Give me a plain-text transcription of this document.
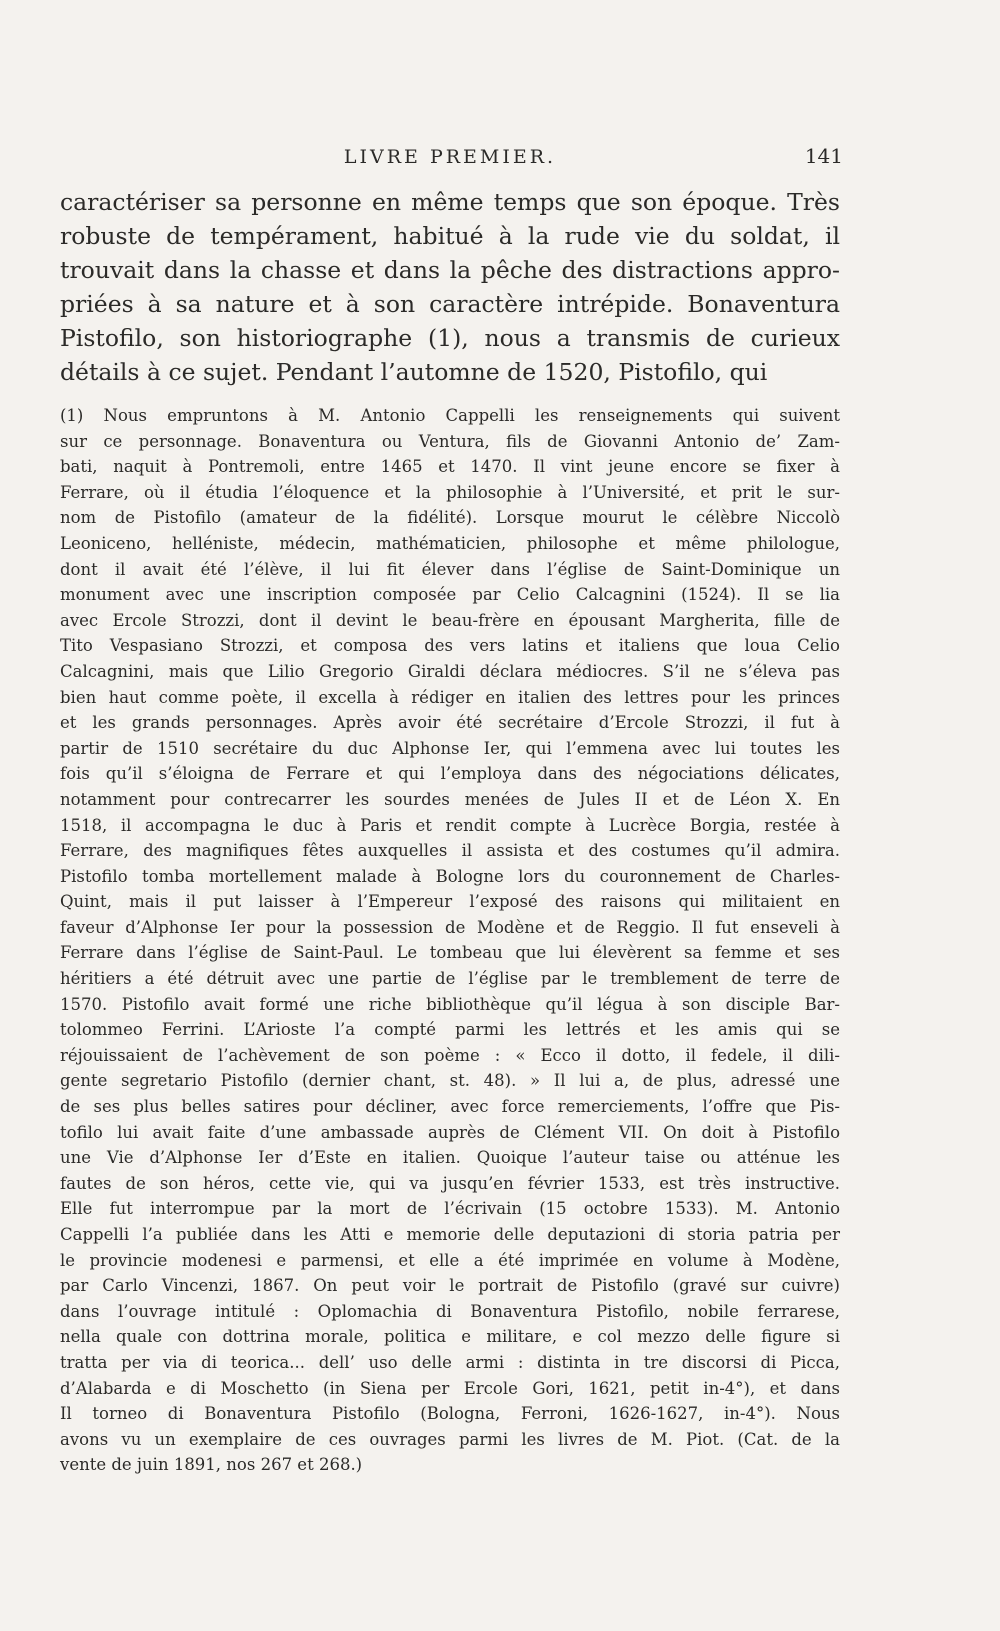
LIVRE PREMIER.	141
caractériser sa personne en même temps que son époque. Très
robuste de tempérament, habitué à la rude vie du soldat, il
trouvait dans la chasse et dans la pêche des distractions appro-
priées à sa nature et à son caractère intrépide. Bonaventura
Pistofilo, son historiographe (1), nous a transmis de curieux
détails à ce sujet. Pendant l’automne de 1520, Pistofilo, qui
(1) Nous empruntons à M. Antonio Cappelli les renseignements qui suivent
sur ce personnage. Bonaventura ou Ventura, fils de Giovanni Antonio de’ Zam-
bati, naquit à Pontremoli, entre 1465 et 1470. Il vint jeune encore se fixer à
Ferrare, où il étudia l’éloquence et la philosophie à l’Université, et prit le sur-
nom de Pistofilo (amateur de la fidélité). Lorsque mourut le célèbre Niccolò
Leoniceno, helléniste, médecin, mathématicien, philosophe et même philologue,
dont il avait été l’élève, il lui fit élever dans l’église de Saint-Dominique un
monument avec une inscription composée par Celio Calcagnini (1524). Il se lia
avec Ercole Strozzi, dont il devint le beau-frère en épousant Margherita, fille de
Tito Vespasiano Strozzi, et composa des vers latins et italiens que loua Celio
Calcagnini, mais que Lilio Gregorio Giraldi déclara médiocres. S’il ne s’éleva pas
bien haut comme poète, il excella à rédiger en italien des lettres pour les princes
et les grands personnages. Après avoir été secrétaire d’Ercole Strozzi, il fut à
partir de 1510 secrétaire du duc Alphonse Ier, qui l’emmena avec lui toutes les
fois qu’il s’éloigna de Ferrare et qui l’employa dans des négociations délicates,
notamment pour contrecarrer les sourdes menées de Jules II et de Léon X. En
1518, il accompagna le duc à Paris et rendit compte à Lucrèce Borgia, restée à
Ferrare, des magnifiques fêtes auxquelles il assista et des costumes qu’il admira.
Pistofilo tomba mortellement malade à Bologne lors du couronnement de Charles-
Quint, mais il put laisser à l’Empereur l’exposé des raisons qui militaient en
faveur d’Alphonse Ier pour la possession de Modène et de Reggio. Il fut enseveli à
Ferrare dans l’église de Saint-Paul. Le tombeau que lui élevèrent sa femme et ses
héritiers a été détruit avec une partie de l’église par le tremblement de terre de
1570. Pistofilo avait formé une riche bibliothèque qu’il légua à son disciple Bar-
tolommeo Ferrini. L’Arioste l’a compté parmi les lettrés et les amis qui se
réjouissaient de l’achèvement de son poème : « Ecco il dotto, il fedele, il dili-
gente segretario Pistofilo (dernier chant, st. 48). » Il lui a, de plus, adressé une
de ses plus belles satires pour décliner, avec force remerciements, l’offre que Pis-
tofilo lui avait faite d’une ambassade auprès de Clément VII. On doit à Pistofilo
une Vie d’Alphonse Ier d’Este en italien. Quoique l’auteur taise ou atténue les
fautes de son héros, cette vie, qui va jusqu’en février 1533, est très instructive.
Elle fut interrompue par la mort de l’écrivain (15 octobre 1533). M. Antonio
Cappelli l’a publiée dans les Atti e memorie delle deputazioni di storia patria per
le provincie modenesi e parmensi, et elle a été imprimée en volume à Modène,
par Carlo Vincenzi, 1867. On peut voir le portrait de Pistofilo (gravé sur cuivre)
dans l’ouvrage intitulé : Oplomachia di Bonaventura Pistofilo, nobile ferrarese,
nella quale con dottrina morale, politica e militare, e col mezzo delle figure si
tratta per via di teorica... dell’ uso delle armi : distinta in tre discorsi di Picca,
d’Alabarda e di Moschetto (in Siena per Ercole Gori, 1621, petit in-4°), et dans
Il torneo di Bonaventura Pistofilo (Bologna, Ferroni, 1626-1627, in-4°). Nous
avons vu un exemplaire de ces ouvrages parmi les livres de M. Piot. (Cat. de la
vente de juin 1891, nos 267 et 268.)
